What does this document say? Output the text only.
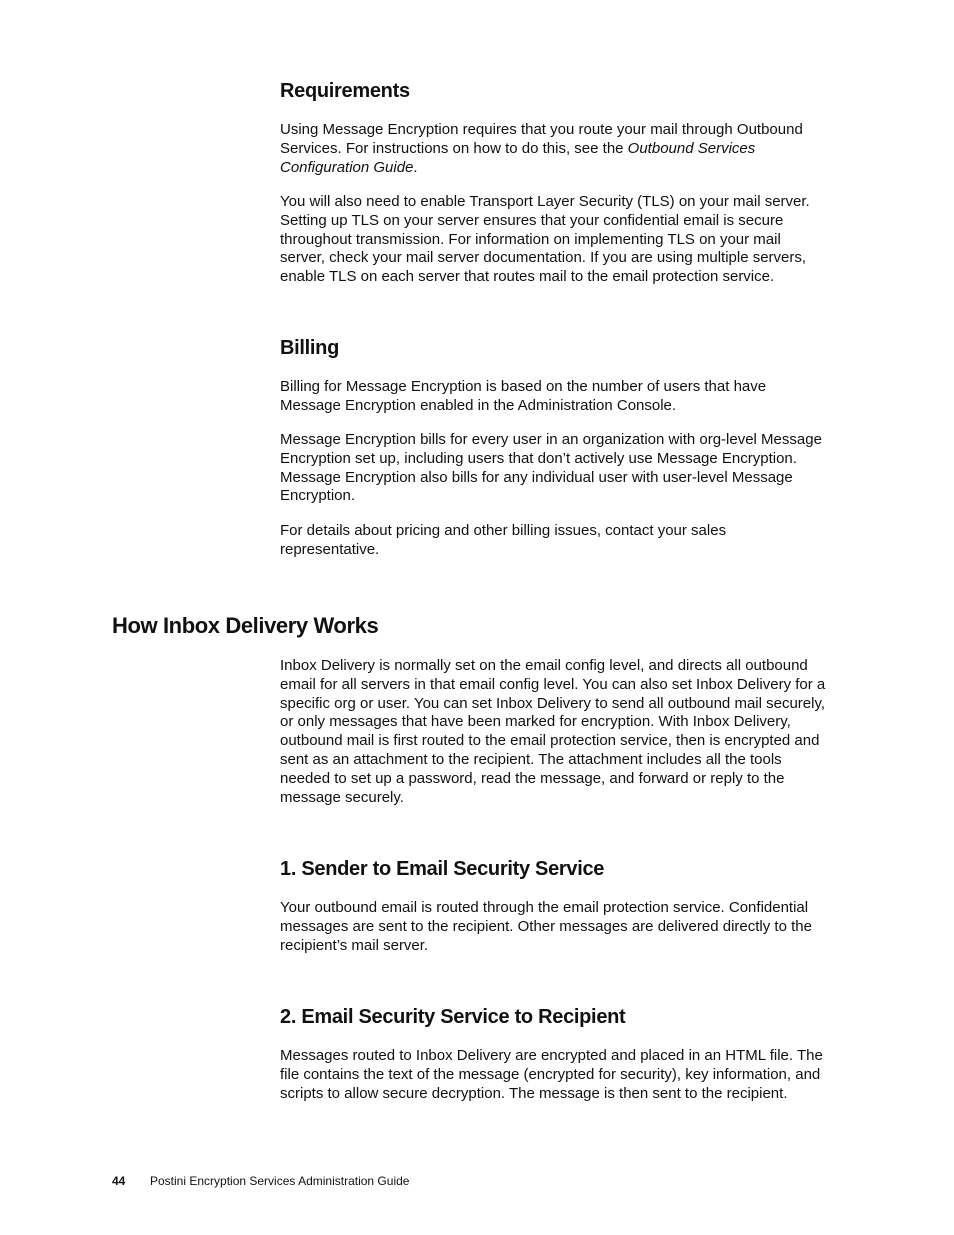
Requirements

Using Message Encryption requires that you route your mail through Outbound
Services. For instructions on how to do this, see the Outbound Services
Configuration Guide.

You will also need to enable Transport Layer Security (TLS) on your mail server.
Setting up TLS on your server ensures that your confidential email is secure
throughout transmission. For information on implementing TLS on your mail
server, check your mail server documentation. If you are using multiple servers,
enable TLS on each server that routes mail to the email protection service.

Billing

Billing for Message Encryption is based on the number of users that have
Message Encryption enabled in the Administration Console.

Message Encryption bills for every user in an organization with org-level Message
Encryption set up, including users that don’t actively use Message Encryption.
Message Encryption also bills for any individual user with user-level Message
Encryption.

For details about pricing and other billing issues, contact your sales
representative.

How Inbox Delivery Works

Inbox Delivery is normally set on the email config level, and directs all outbound
email for all servers in that email config level. You can also set Inbox Delivery for a
specific org or user. You can set Inbox Delivery to send all outbound mail securely,
or only messages that have been marked for encryption. With Inbox Delivery,
outbound mail is first routed to the email protection service, then is encrypted and
sent as an attachment to the recipient. The attachment includes all the tools
needed to set up a password, read the message, and forward or reply to the
message securely.

1. Sender to Email Security Service

Your outbound email is routed through the email protection service. Confidential
messages are sent to the recipient. Other messages are delivered directly to the
recipient’s mail server.

2. Email Security Service to Recipient

Messages routed to Inbox Delivery are encrypted and placed in an HTML file. The
file contains the text of the message (encrypted for security), key information, and
scripts to allow secure decryption. The message is then sent to the recipient.

44 Postini Encryption Services Administration Guide
